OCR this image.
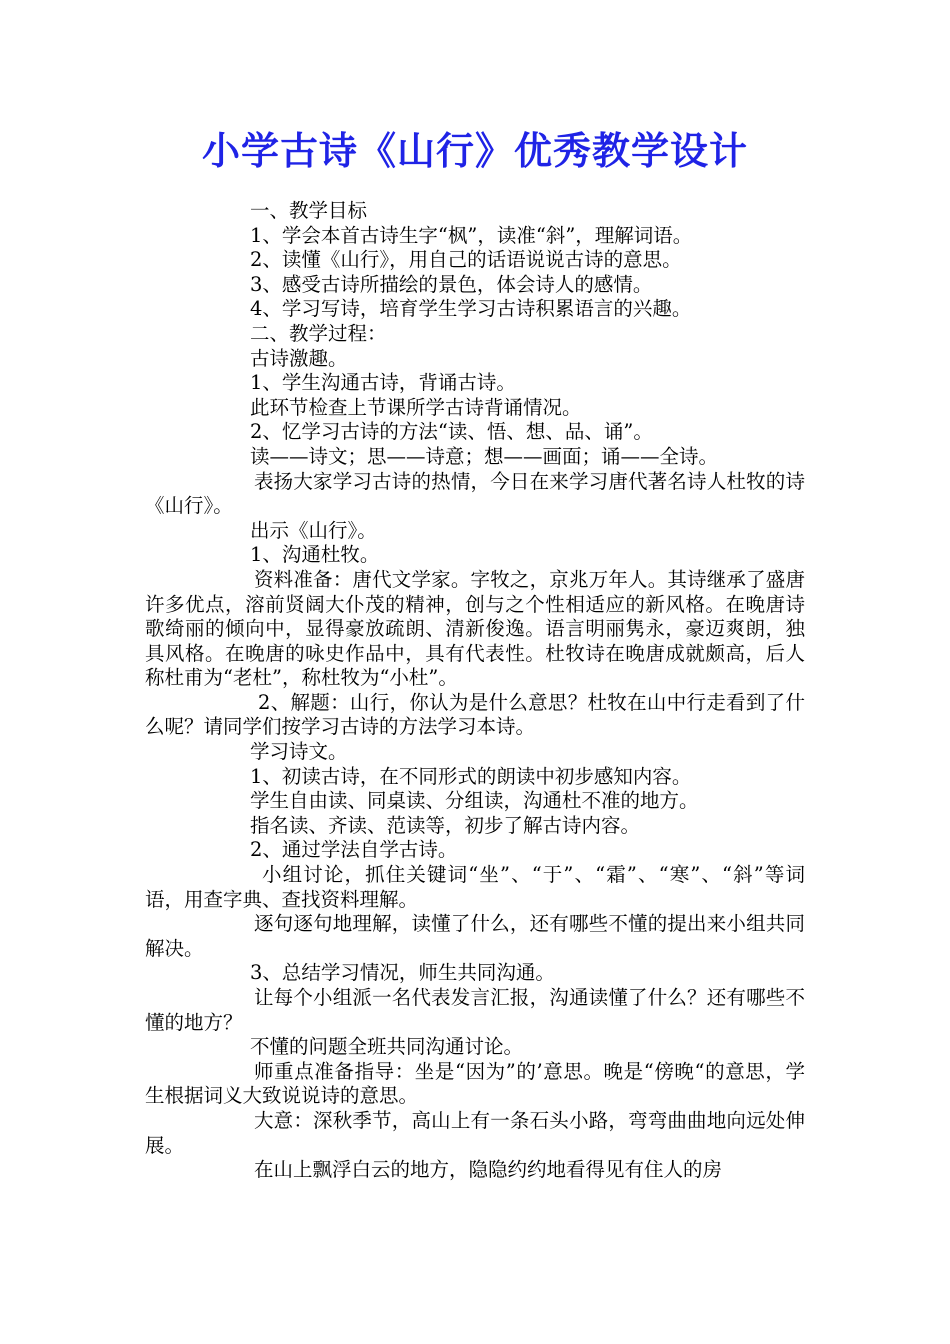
小学古诗《山行》优秀教学设计

一、教学目标

1、学会本首古诗生字“枫”，读准“斜”，理解词语。

2、读懂《山行》，用自己的话语说说古诗的意思。

3、感受古诗所描绘的景色，体会诗人的感情。

4、学习写诗，培育学生学习古诗积累语言的兴趣。

二、教学过程：

古诗激趣。

1、学生沟通古诗，背诵古诗。

此环节检查上节课所学古诗背诵情况。

2、忆学习古诗的方法“读、悟、想、品、诵”。

读——诗文；思——诗意；想——画面；诵——全诗。

表扬大家学习古诗的热情，今日在来学习唐代著名诗人杜牧的诗《山行》。

出示《山行》。

1、沟通杜牧。

资料准备：唐代文学家。字牧之，京兆万年人。其诗继承了盛唐许多优点，溶前贤阔大仆茂的精神，创与之个性相适应的新风格。在晚唐诗歌绮丽的倾向中，显得豪放疏朗、清新俊逸。语言明丽隽永，豪迈爽朗，独具风格。在晚唐的咏史作品中，具有代表性。杜牧诗在晚唐成就颇高，后人称杜甫为“老杜”，称杜牧为“小杜”。

2、解题：山行，你认为是什么意思？杜牧在山中行走看到了什么呢？请同学们按学习古诗的方法学习本诗。

学习诗文。

1、初读古诗，在不同形式的朗读中初步感知内容。

学生自由读、同桌读、分组读，沟通杜不准的地方。

指名读、齐读、范读等，初步了解古诗内容。

2、通过学法自学古诗。

小组讨论，抓住关键词“坐”、“于”、“霜”、“寒”、“斜”等词语，用查字典、查找资料理解。

逐句逐句地理解，读懂了什么，还有哪些不懂的提出来小组共同解决。

3、总结学习情况，师生共同沟通。

让每个小组派一名代表发言汇报，沟通读懂了什么？还有哪些不懂的地方？

不懂的问题全班共同沟通讨论。

师重点准备指导：坐是“因为”的’意思。晚是“傍晚“的意思，学生根据词义大致说说诗的意思。

大意：深秋季节，高山上有一条石头小路，弯弯曲曲地向远处伸展。

在山上飘浮白云的地方，隐隐约约地看得见有住人的房
